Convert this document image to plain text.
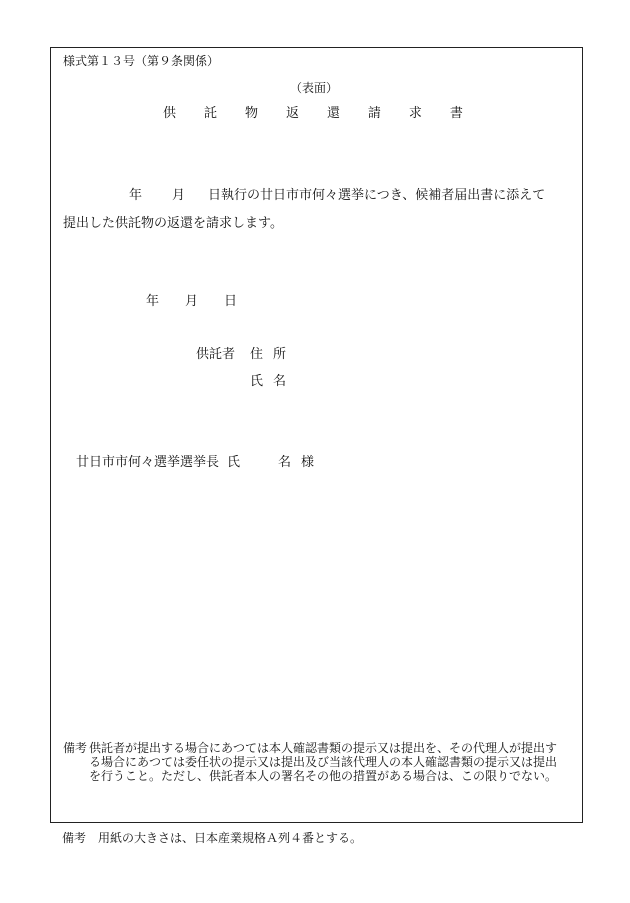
様式第１３号（第９条関係）
（表面）
供 託 物 返 還 請 求 書
年 月 日執行の廿日市市何々選挙につき、候補者届出書に添えて
提出した供託物の返還を請求します。
年 月 日
供託者 住 所
氏 名
廿日市市何々選挙選挙長 氏	名 様
備考 供託者が提出する場合にあつては本人確認書類の提示又は提出を、その代理人が提出する場合にあつては委任状の提示又は提出及び当該代理人の本人確認書類の提示又は提出を行うこと。ただし、供託者本人の署名その他の措置がある場合は、この限りでない。
備考 用紙の大きさは、日本産業規格Ａ列４番とする。
